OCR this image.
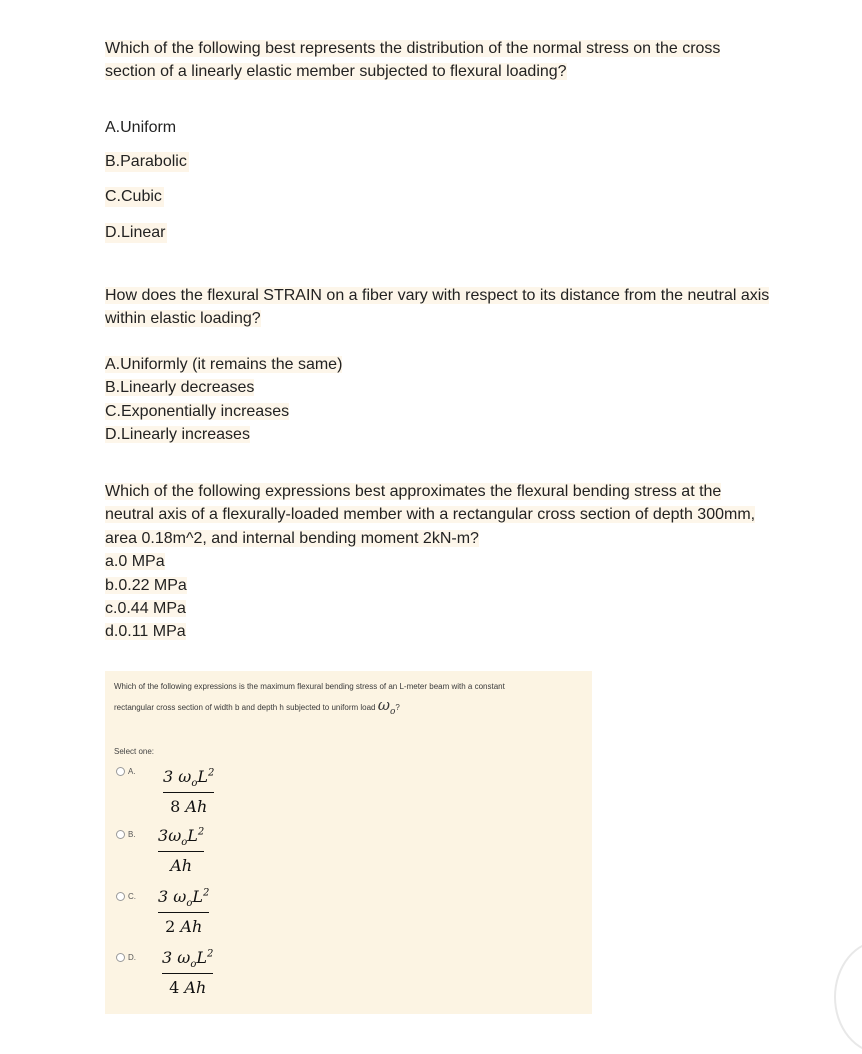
Which of the following best represents the distribution of the normal stress on the cross section of a linearly elastic member subjected to flexural loading?
A.Uniform
B.Parabolic
C.Cubic
D.Linear
How does the flexural STRAIN on a fiber vary with respect to its distance from the neutral axis within elastic loading?
A.Uniformly (it remains the same)
B.Linearly decreases
C.Exponentially increases
D.Linearly increases
Which of the following expressions best approximates the flexural bending stress at the neutral axis of a flexurally-loaded member with a rectangular cross section of depth 300mm, area 0.18m^2, and internal bending moment 2kN-m?
a.0 MPa
b.0.22 MPa
c.0.44 MPa
d.0.11 MPa
Which of the following expressions is the maximum flexural bending stress of an L-meter beam with a constant
rectangular cross section of width b and depth h subjected to uniform load $\omega_o$?
Select one:
A. 3 $\omega_oL^2$
8 Ah
B. $3\omega_oL^2$
Ah
C. 3 $\omega_oL^2$
2 Ah
D. 3 $\omega_oL^2$
4 Ah
